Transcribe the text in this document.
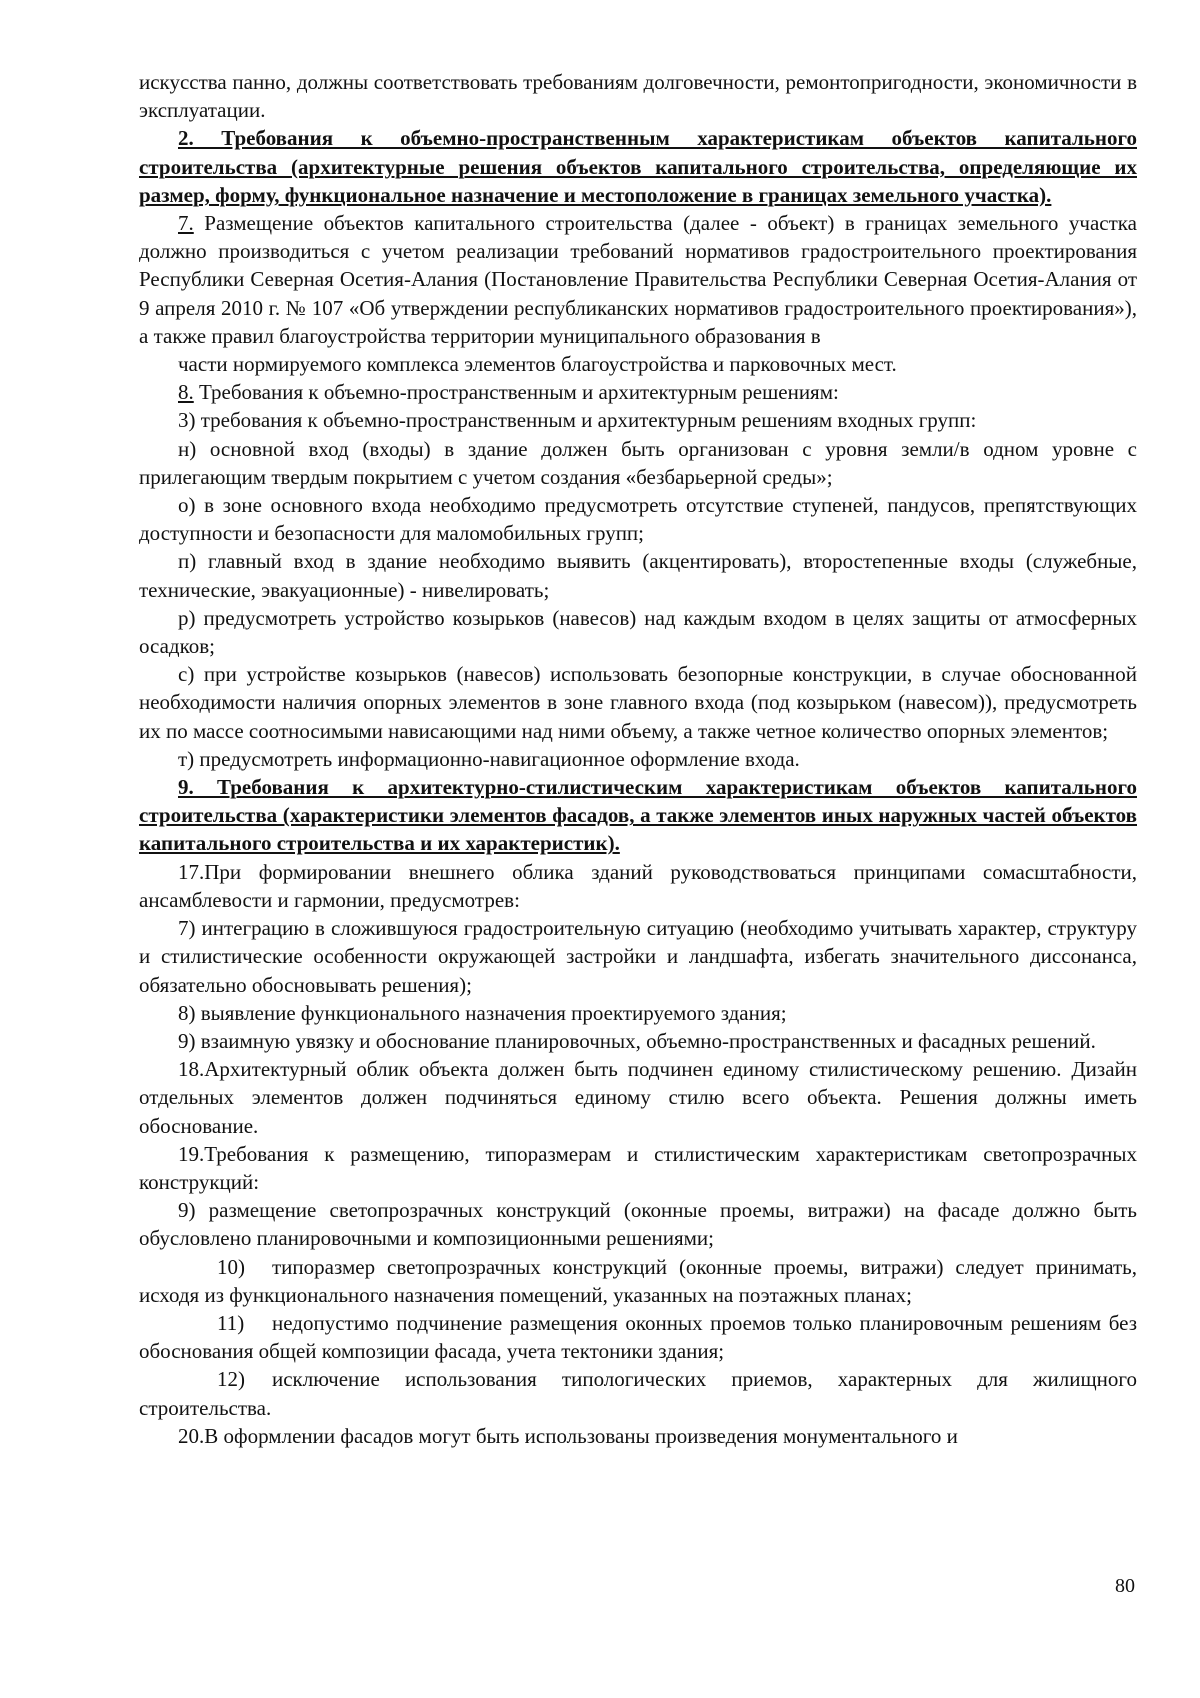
искусства панно, должны соответствовать требованиям долговечности, ремонтопригодности, экономичности в эксплуатации.

2. Требования к объемно-пространственным характеристикам объектов капитального строительства (архитектурные решения объектов капитального строительства, определяющие их размер, форму, функциональное назначение и местоположение в границах земельного участка).

7. Размещение объектов капитального строительства (далее - объект) в границах земельного участка должно производиться с учетом реализации требований нормативов градостроительного проектирования Республики Северная Осетия-Алания (Постановление Правительства Республики Северная Осетия-Алания от 9 апреля 2010 г. № 107 «Об утверждении республиканских нормативов градостроительного проектирования»), а также правил благоустройства территории муниципального образования в

части нормируемого комплекса элементов благоустройства и парковочных мест.

8. Требования к объемно-пространственным и архитектурным решениям:

3) требования к объемно-пространственным и архитектурным решениям входных групп:

н) основной вход (входы) в здание должен быть организован с уровня земли/в одном уровне с прилегающим твердым покрытием с учетом создания «безбарьерной среды»;

о) в зоне основного входа необходимо предусмотреть отсутствие ступеней, пандусов, препятствующих доступности и безопасности для маломобильных групп;

п) главный вход в здание необходимо выявить (акцентировать), второстепенные входы (служебные, технические, эвакуационные) - нивелировать;

р) предусмотреть устройство козырьков (навесов) над каждым входом в целях защиты от атмосферных осадков;

с) при устройстве козырьков (навесов) использовать безопорные конструкции, в случае обоснованной необходимости наличия опорных элементов в зоне главного входа (под козырьком (навесом)), предусмотреть их по массе соотносимыми нависающими над ними объему, а также четное количество опорных элементов;

т) предусмотреть информационно-навигационное оформление входа.

9. Требования к архитектурно-стилистическим характеристикам объектов капитального строительства (характеристики элементов фасадов, а также элементов иных наружных частей объектов капитального строительства и их характеристик).

17.При формировании внешнего облика зданий руководствоваться принципами сомасштабности, ансамблевости и гармонии, предусмотрев:

7) интеграцию в сложившуюся градостроительную ситуацию (необходимо учитывать характер, структуру и стилистические особенности окружающей застройки и ландшафта, избегать значительного диссонанса, обязательно обосновывать решения);

8) выявление функционального назначения проектируемого здания;

9) взаимную увязку и обоснование планировочных, объемно-пространственных и фасадных решений.

18.Архитектурный облик объекта должен быть подчинен единому стилистическому решению. Дизайн отдельных элементов должен подчиняться единому стилю всего объекта. Решения должны иметь обоснование.

19.Требования к размещению, типоразмерам и стилистическим характеристикам светопрозрачных конструкций:

9) размещение светопрозрачных конструкций (оконные проемы, витражи) на фасаде должно быть обусловлено планировочными и композиционными решениями;

10) типоразмер светопрозрачных конструкций (оконные проемы, витражи) следует принимать, исходя из функционального назначения помещений, указанных на поэтажных планах;

11) недопустимо подчинение размещения оконных проемов только планировочным решениям без обоснования общей композиции фасада, учета тектоники здания;

12) исключение использования типологических приемов, характерных для жилищного строительства.

20.В оформлении фасадов могут быть использованы произведения монументального и

80
